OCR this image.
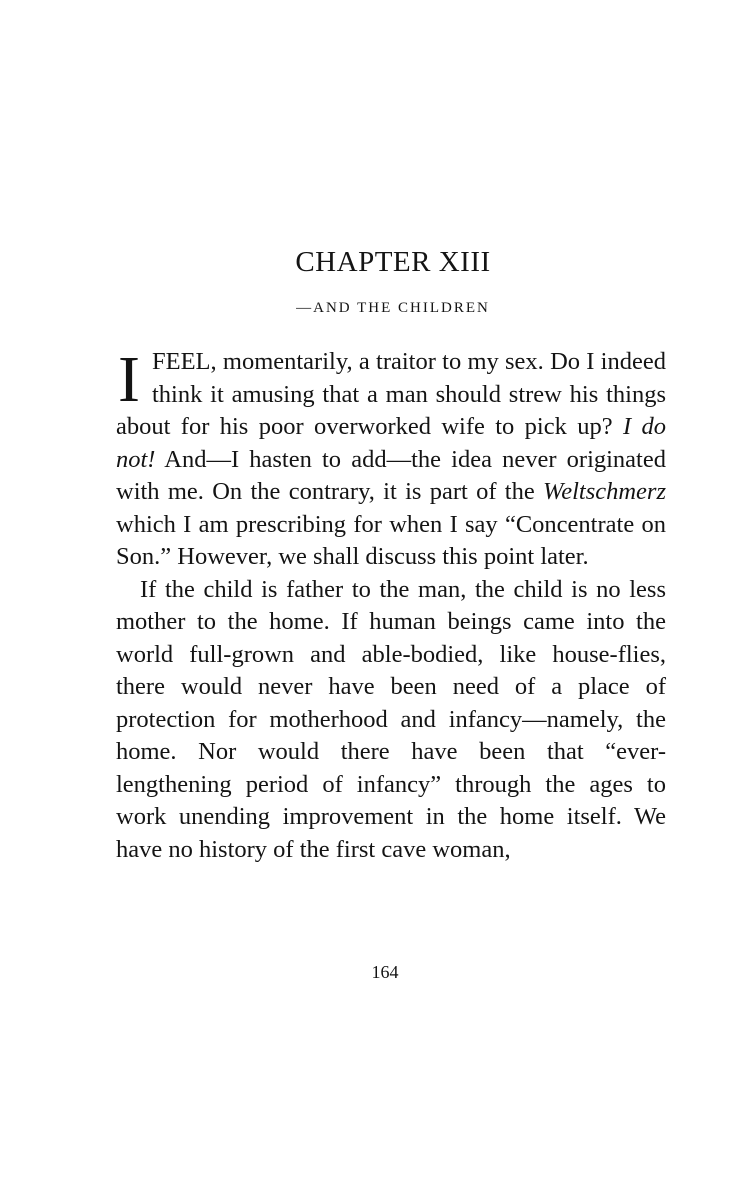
CHAPTER XIII
—AND THE CHILDREN

I FEEL, momentarily, a traitor to my sex. Do I indeed think it amusing that a man should strew his things about for his poor overworked wife to pick up? I do not! And—I hasten to add—the idea never originated with me. On the contrary, it is part of the Weltschmerz which I am prescribing for when I say “Concentrate on Son.” However, we shall discuss this point later.

If the child is father to the man, the child is no less mother to the home. If human beings came into the world full-grown and able-bodied, like house-flies, there would never have been need of a place of protection for motherhood and infancy—namely, the home. Nor would there have been that “ever-lengthening period of infancy” through the ages to work unending improvement in the home itself. We have no history of the first cave woman,

164
